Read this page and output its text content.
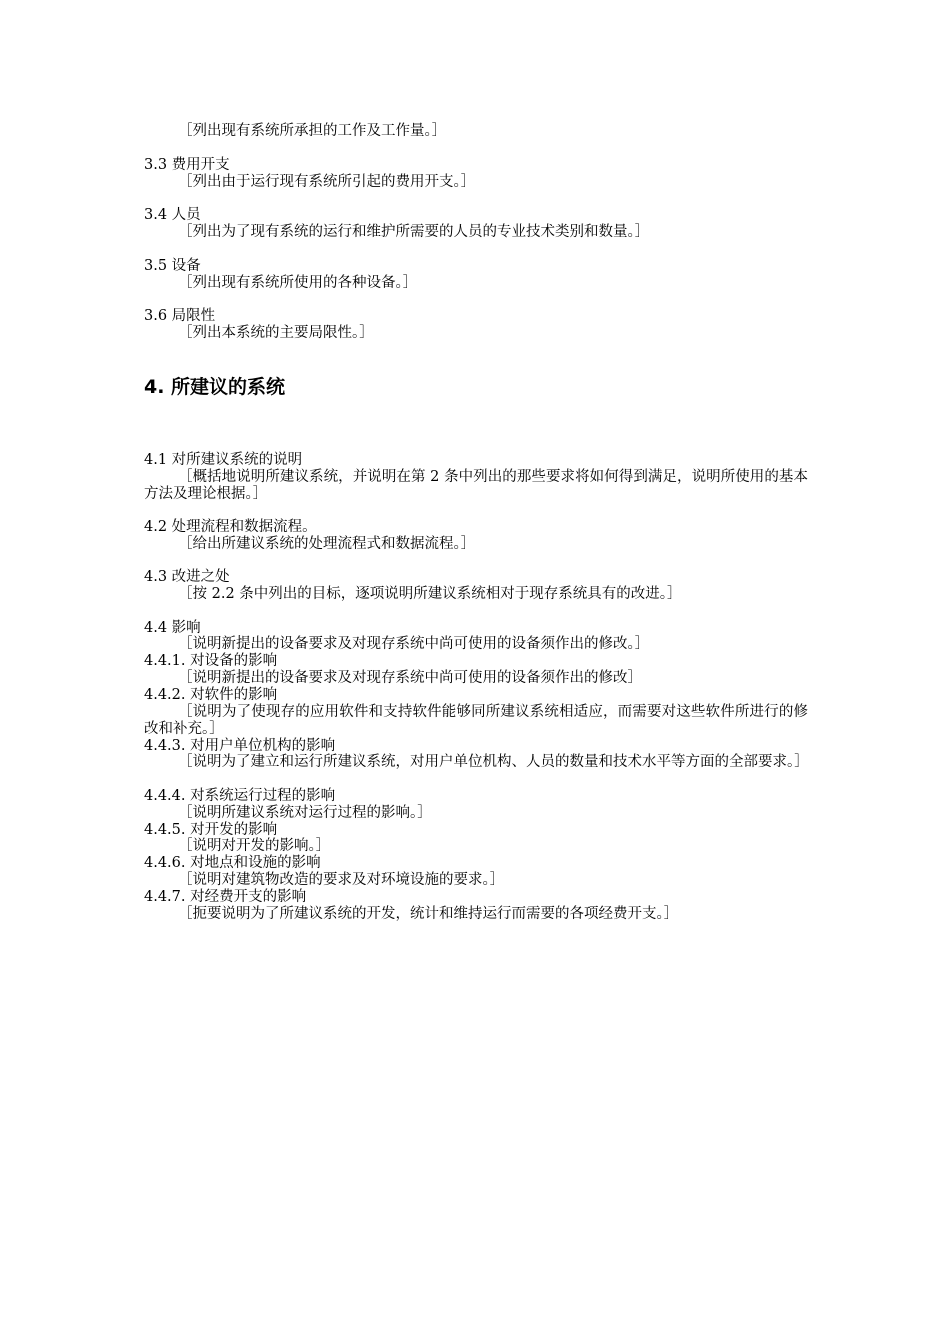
［列出现有系统所承担的工作及工作量。］
3.3 费用开支
［列出由于运行现有系统所引起的费用开支。］
3.4 人员
［列出为了现有系统的运行和维护所需要的人员的专业技术类别和数量。］
3.5 设备
［列出现有系统所使用的各种设备。］
3.6 局限性
［列出本系统的主要局限性。］
4. 所建议的系统
4.1 对所建议系统的说明
［概括地说明所建议系统，并说明在第 2 条中列出的那些要求将如何得到满足，说明所使用的基本方法及理论根据。］
4.2 处理流程和数据流程。
［给出所建议系统的处理流程式和数据流程。］
4.3 改进之处
［按 2.2 条中列出的目标，逐项说明所建议系统相对于现存系统具有的改进。］
4.4 影响
［说明新提出的设备要求及对现存系统中尚可使用的设备须作出的修改。］
4.4.1. 对设备的影响
［说明新提出的设备要求及对现存系统中尚可使用的设备须作出的修改］
4.4.2. 对软件的影响
［说明为了使现存的应用软件和支持软件能够同所建议系统相适应，而需要对这些软件所进行的修改和补充。］
4.4.3. 对用户单位机构的影响
［说明为了建立和运行所建议系统，对用户单位机构、人员的数量和技术水平等方面的全部要求。］
4.4.4. 对系统运行过程的影响
［说明所建议系统对运行过程的影响。］
4.4.5. 对开发的影响
［说明对开发的影响。］
4.4.6. 对地点和设施的影响
［说明对建筑物改造的要求及对环境设施的要求。］
4.4.7. 对经费开支的影响
［扼要说明为了所建议系统的开发，统计和维持运行而需要的各项经费开支。］
